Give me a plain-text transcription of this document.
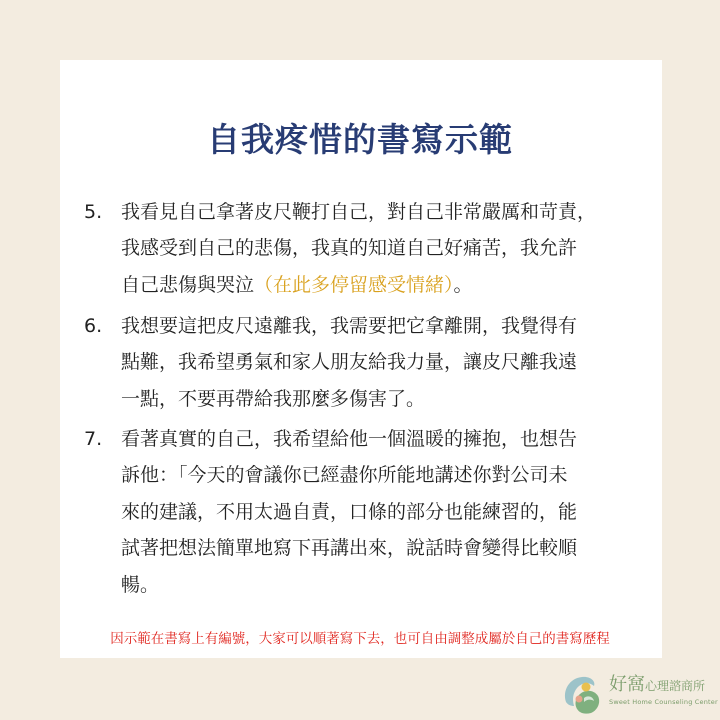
自我疼惜的書寫示範
5. 我看見自己拿著皮尺鞭打自己，對自己非常嚴厲和苛責，
我感受到自己的悲傷，我真的知道自己好痛苦，我允許
自己悲傷與哭泣（在此多停留感受情緒）。
6. 我想要這把皮尺遠離我，我需要把它拿離開，我覺得有
點難，我希望勇氣和家人朋友給我力量，讓皮尺離我遠
一點，不要再帶給我那麼多傷害了。
7. 看著真實的自己，我希望給他一個溫暖的擁抱，也想告
訴他：「今天的會議你已經盡你所能地講述你對公司未
來的建議，不用太過自責，口條的部分也能練習的，能
試著把想法簡單地寫下再講出來，說話時會變得比較順
暢。
因示範在書寫上有編號，大家可以順著寫下去，也可自由調整成屬於自己的書寫歷程
好窩心理諮商所
Sweet Home Counseling Center
